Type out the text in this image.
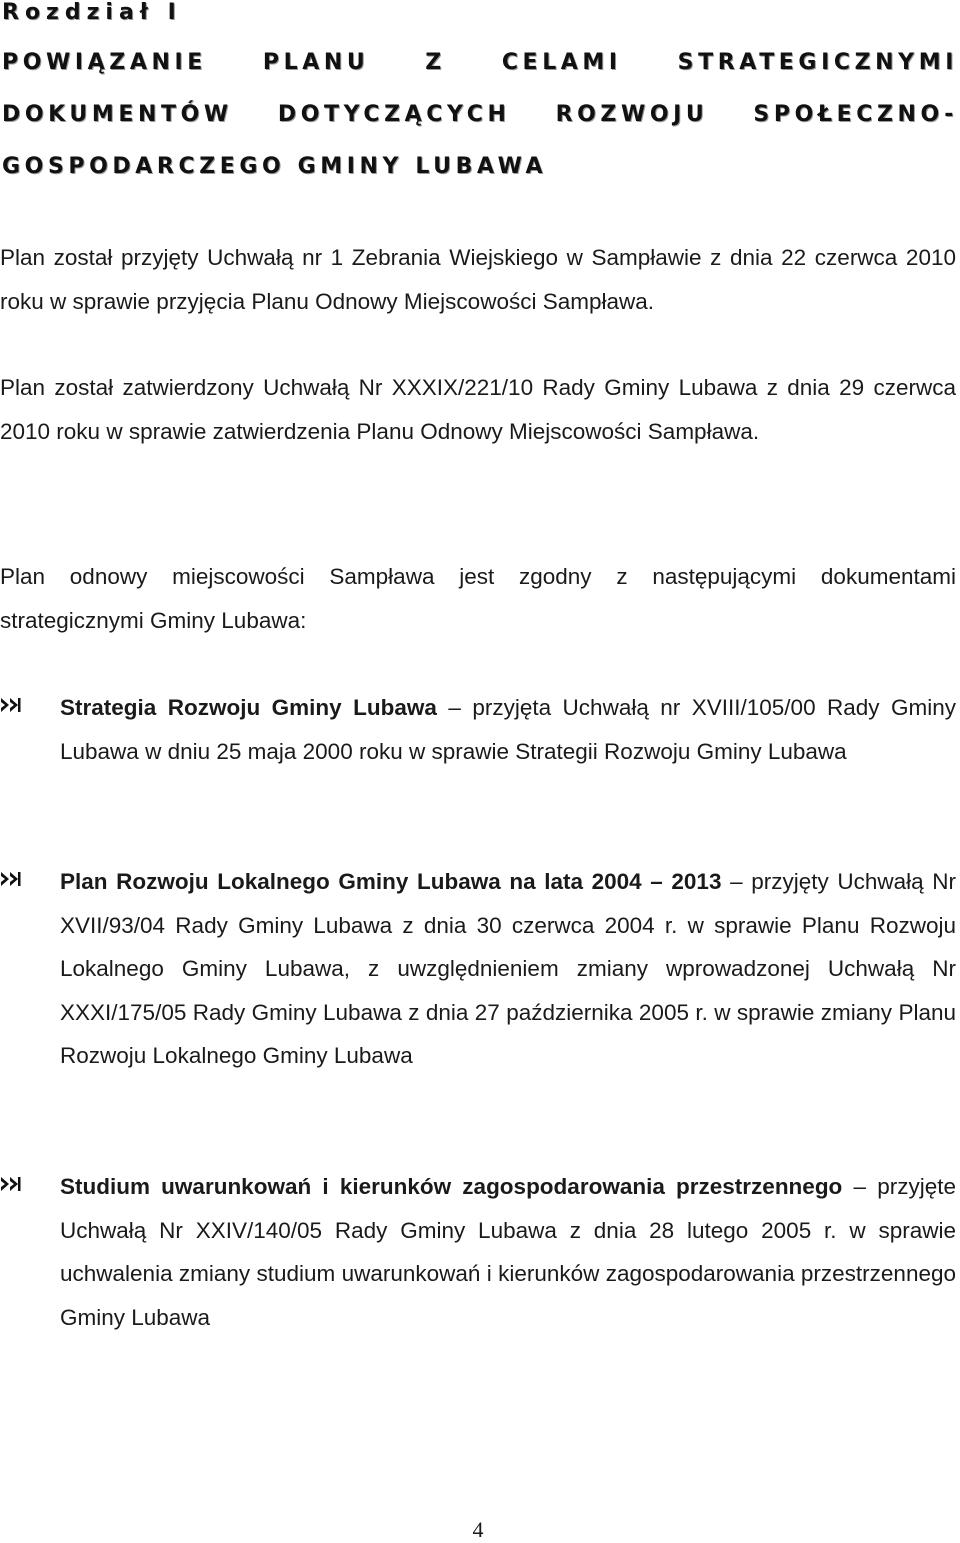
Rozdział I
POWIĄZANIE PLANU Z CELAMI STRATEGICZNYMI
DOKUMENTÓW DOTYCZĄCYCH ROZWOJU SPOŁECZNO-
GOSPODARCZEGO GMINY LUBAWA

Plan został przyjęty Uchwałą nr 1 Zebrania Wiejskiego w Sampławie z dnia 22 czerwca 2010 roku w sprawie przyjęcia Planu Odnowy Miejscowości Sampława.

Plan został zatwierdzony Uchwałą Nr XXXIX/221/10 Rady Gminy Lubawa z dnia 29 czerwca 2010 roku w sprawie zatwierdzenia Planu Odnowy Miejscowości Sampława.

Plan odnowy miejscowości Sampława jest zgodny z następującymi dokumentami strategicznymi Gminy Lubawa:

Strategia Rozwoju Gminy Lubawa – przyjęta Uchwałą nr XVIII/105/00 Rady Gminy Lubawa w dniu 25 maja 2000 roku w sprawie Strategii Rozwoju Gminy Lubawa

Plan Rozwoju Lokalnego Gminy Lubawa na lata 2004 – 2013 – przyjęty Uchwałą Nr XVII/93/04 Rady Gminy Lubawa z dnia 30 czerwca 2004 r. w sprawie Planu Rozwoju Lokalnego Gminy Lubawa, z uwzględnieniem zmiany wprowadzonej Uchwałą Nr XXXI/175/05 Rady Gminy Lubawa z dnia 27 października 2005 r. w sprawie zmiany Planu Rozwoju Lokalnego Gminy Lubawa

Studium uwarunkowań i kierunków zagospodarowania przestrzennego – przyjęte Uchwałą Nr XXIV/140/05 Rady Gminy Lubawa z dnia 28 lutego 2005 r. w sprawie uchwalenia zmiany studium uwarunkowań i kierunków zagospodarowania przestrzennego Gminy Lubawa

4
